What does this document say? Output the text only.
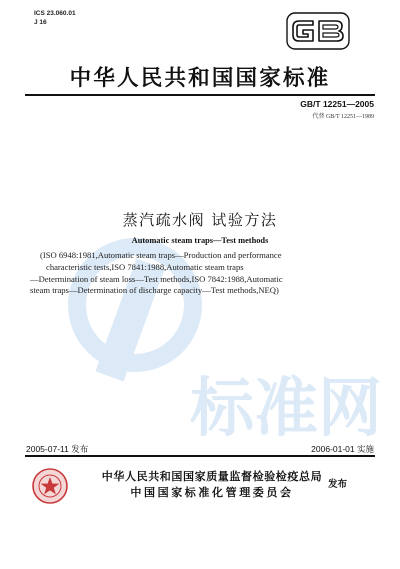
ICS 23.060.01
J 16
GB
中华人民共和国国家标准
GB/T 12251—2005
代替 GB/T 12251—1989
标准网
蒸汽疏水阀 试验方法
Automatic steam traps—Test methods
(ISO 6948:1981,Automatic steam traps—Production and performance
characteristic tests,ISO 7841:1988,Automatic steam traps
—Determination of steam loss—Test methods,ISO 7842:1988,Automatic
steam traps—Determination of discharge capacity—Test methods,NEQ)
2005-07-11 发布	2006-01-01 实施
中华人民共和国国家质量监督检验检疫总局
中国国家标准化管理委员会
发布
